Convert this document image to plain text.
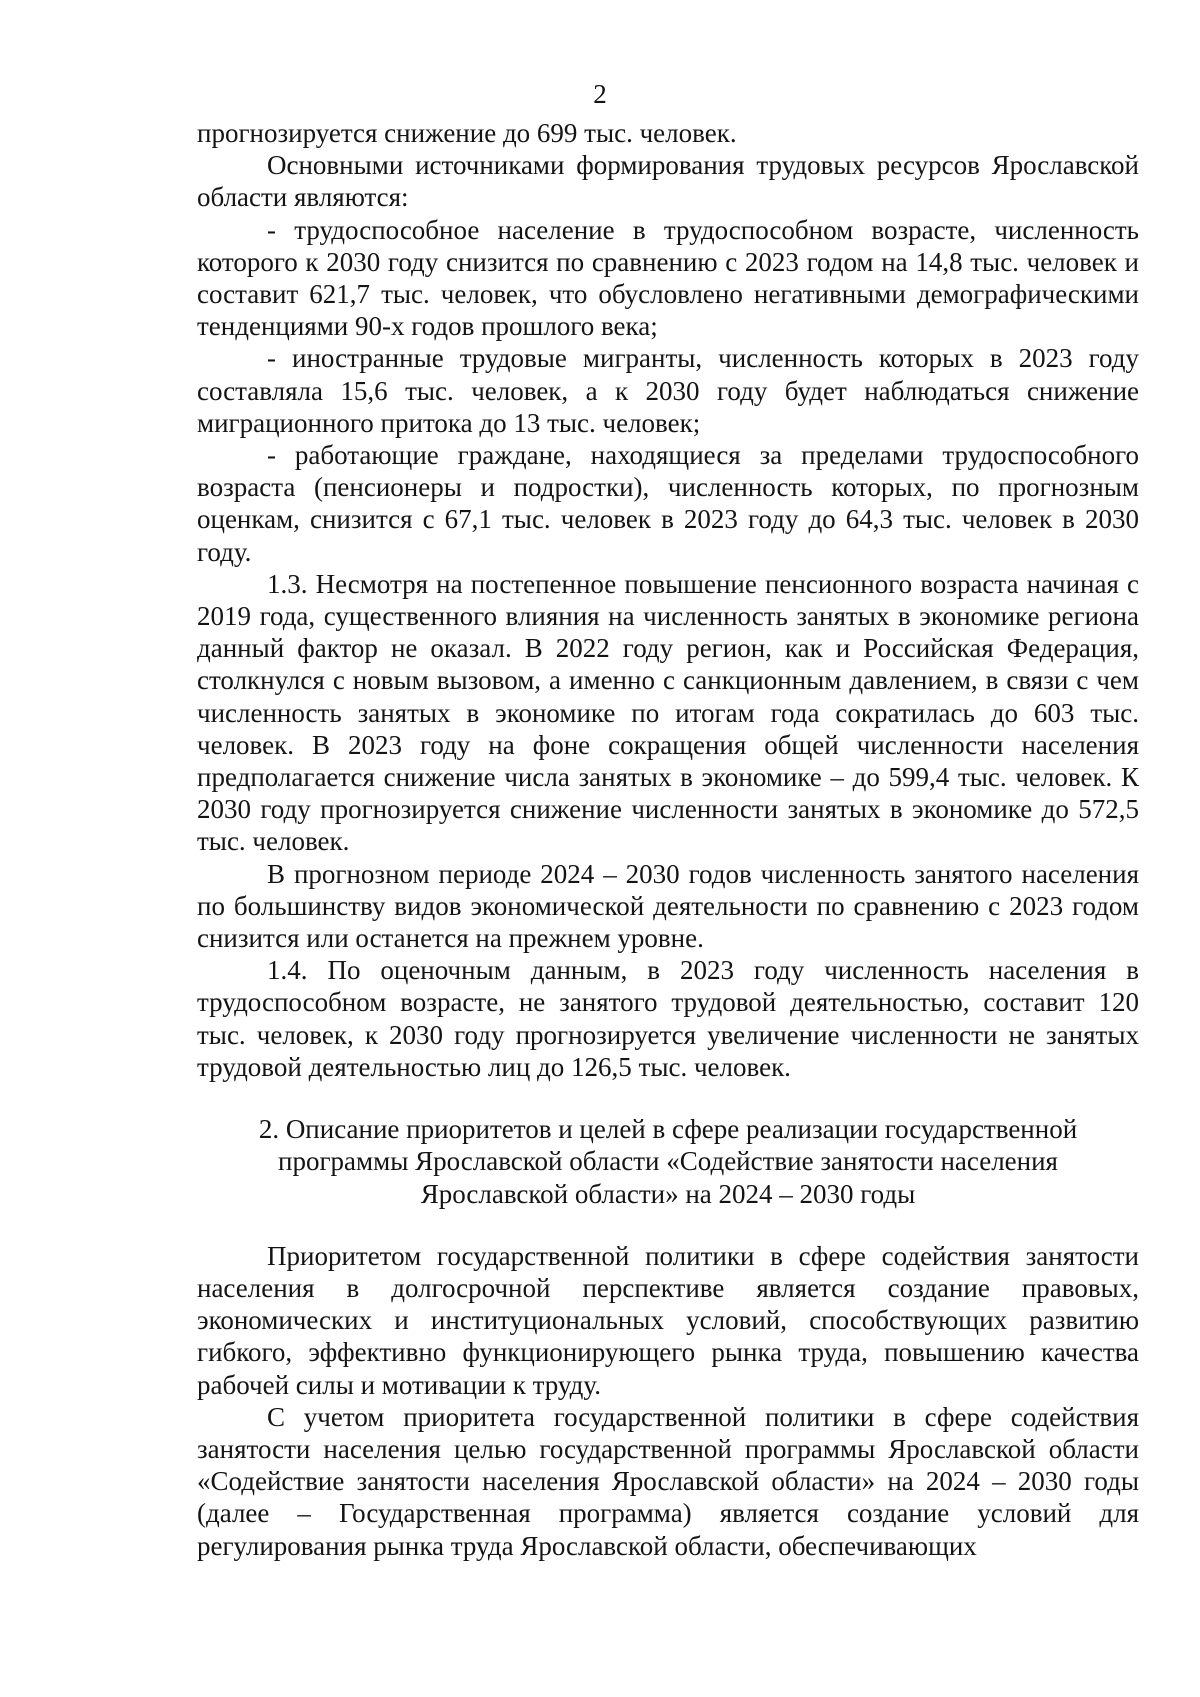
2

прогнозируется снижение до 699 тыс. человек.

Основными источниками формирования трудовых ресурсов Ярославской области являются:

- трудоспособное население в трудоспособном возрасте, численность которого к 2030 году снизится по сравнению с 2023 годом на 14,8 тыс. человек и составит 621,7 тыс. человек, что обусловлено негативными демографическими тенденциями 90-х годов прошлого века;

- иностранные трудовые мигранты, численность которых в 2023 году составляла 15,6 тыс. человек, а к 2030 году будет наблюдаться снижение миграционного притока до 13 тыс. человек;

- работающие граждане, находящиеся за пределами трудоспособного возраста (пенсионеры и подростки), численность которых, по прогнозным оценкам, снизится с 67,1 тыс. человек в 2023 году до 64,3 тыс. человек в 2030 году.

1.3. Несмотря на постепенное повышение пенсионного возраста начиная с 2019 года, существенного влияния на численность занятых в экономике региона данный фактор не оказал. В 2022 году регион, как и Российская Федерация, столкнулся с новым вызовом, а именно с санкционным давлением, в связи с чем численность занятых в экономике по итогам года сократилась до 603 тыс. человек. В 2023 году на фоне сокращения общей численности населения предполагается снижение числа занятых в экономике – до 599,4 тыс. человек. К 2030 году прогнозируется снижение численности занятых в экономике до 572,5 тыс. человек.

В прогнозном периоде 2024 – 2030 годов численность занятого населения по большинству видов экономической деятельности по сравнению с 2023 годом снизится или останется на прежнем уровне.

1.4. По оценочным данным, в 2023 году численность населения в трудоспособном возрасте, не занятого трудовой деятельностью, составит 120 тыс. человек, к 2030 году прогнозируется увеличение численности не занятых трудовой деятельностью лиц до 126,5 тыс. человек.

2. Описание приоритетов и целей в сфере реализации государственной
программы Ярославской области «Содействие занятости населения
Ярославской области» на 2024 – 2030 годы

Приоритетом государственной политики в сфере содействия занятости населения в долгосрочной перспективе является создание правовых, экономических и институциональных условий, способствующих развитию гибкого, эффективно функционирующего рынка труда, повышению качества рабочей силы и мотивации к труду.

С учетом приоритета государственной политики в сфере содействия занятости населения целью государственной программы Ярославской области «Содействие занятости населения Ярославской области» на 2024 – 2030 годы (далее – Государственная программа) является создание условий для регулирования рынка труда Ярославской области, обеспечивающих
